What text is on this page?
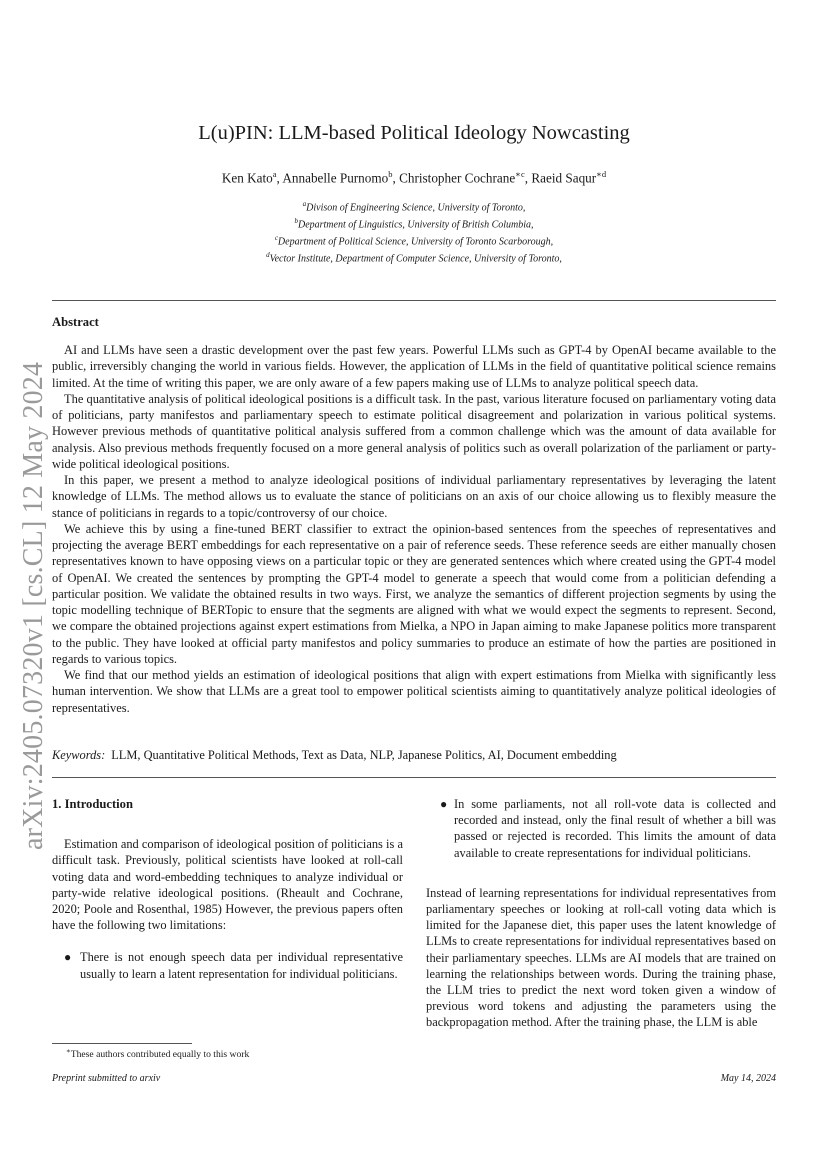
arXiv:2405.07320v1 [cs.CL] 12 May 2024
L(u)PIN: LLM-based Political Ideology Nowcasting
Ken Kato$^a$, Annabelle Purnomo$^b$, Christopher Cochrane$^{∗c}$, Raeid Saqur$^{∗d}$
$^a$Divison of Engineering Science, University of Toronto,
$^b$Department of Linguistics, University of British Columbia,
$^c$Department of Political Science, University of Toronto Scarborough,
$^d$Vector Institute, Department of Computer Science, University of Toronto,
Abstract

AI and LLMs have seen a drastic development over the past few years. Powerful LLMs such as GPT-4 by OpenAI became available to the public, irreversibly changing the world in various fields. However, the application of LLMs in the field of quantitative political science remains limited. At the time of writing this paper, we are only aware of a few papers making use of LLMs to analyze political speech data.

The quantitative analysis of political ideological positions is a difficult task. In the past, various literature focused on parliamentary voting data of politicians, party manifestos and parliamentary speech to estimate political disagreement and polarization in various political systems. However previous methods of quantitative political analysis suffered from a common challenge which was the amount of data available for analysis. Also previous methods frequently focused on a more general analysis of politics such as overall polarization of the parliament or party-wide political ideological positions.

In this paper, we present a method to analyze ideological positions of individual parliamentary representatives by leveraging the latent knowledge of LLMs. The method allows us to evaluate the stance of politicians on an axis of our choice allowing us to flexibly measure the stance of politicians in regards to a topic/controversy of our choice.

We achieve this by using a fine-tuned BERT classifier to extract the opinion-based sentences from the speeches of representatives and projecting the average BERT embeddings for each representative on a pair of reference seeds. These reference seeds are either manually chosen representatives known to have opposing views on a particular topic or they are generated sentences which where created using the GPT-4 model of OpenAI. We created the sentences by prompting the GPT-4 model to generate a speech that would come from a politician defending a particular position. We validate the obtained results in two ways. First, we analyze the semantics of different projection segments by using the topic modelling technique of BERTopic to ensure that the segments are aligned with what we would expect the segments to represent. Second, we compare the obtained projections against expert estimations from Mielka, a NPO in Japan aiming to make Japanese politics more transparent to the public. They have looked at official party manifestos and policy summaries to produce an estimate of how the parties are positioned in regards to various topics.

We find that our method yields an estimation of ideological positions that align with expert estimations from Mielka with significantly less human intervention. We show that LLMs are a great tool to empower political scientists aiming to quantitatively analyze political ideologies of representatives.

Keywords: LLM, Quantitative Political Methods, Text as Data, NLP, Japanese Politics, AI, Document embedding
1. Introduction

Estimation and comparison of ideological position of politicians is a difficult task. Previously, political scientists have looked at roll-call voting data and word-embedding techniques to analyze individual or party-wide relative ideological positions. (Rheault and Cochrane, 2020; Poole and Rosenthal, 1985) However, the previous papers often have the following two limitations:

● There is not enough speech data per individual representative usually to learn a latent representation for individual politicians.
● In some parliaments, not all roll-vote data is collected and recorded and instead, only the final result of whether a bill was passed or rejected is recorded. This limits the amount of data available to create representations for individual politicians.

Instead of learning representations for individual representatives from parliamentary speeches or looking at roll-call voting data which is limited for the Japanese diet, this paper uses the latent knowledge of LLMs to create representations for individual representatives based on their parliamentary speeches. LLMs are AI models that are trained on learning the relationships between words. During the training phase, the LLM tries to predict the next word token given a window of previous word tokens and adjusting the parameters using the backpropagation method. After the training phase, the LLM is able

∗These authors contributed equally to this work
Preprint submitted to arxiv	May 14, 2024
